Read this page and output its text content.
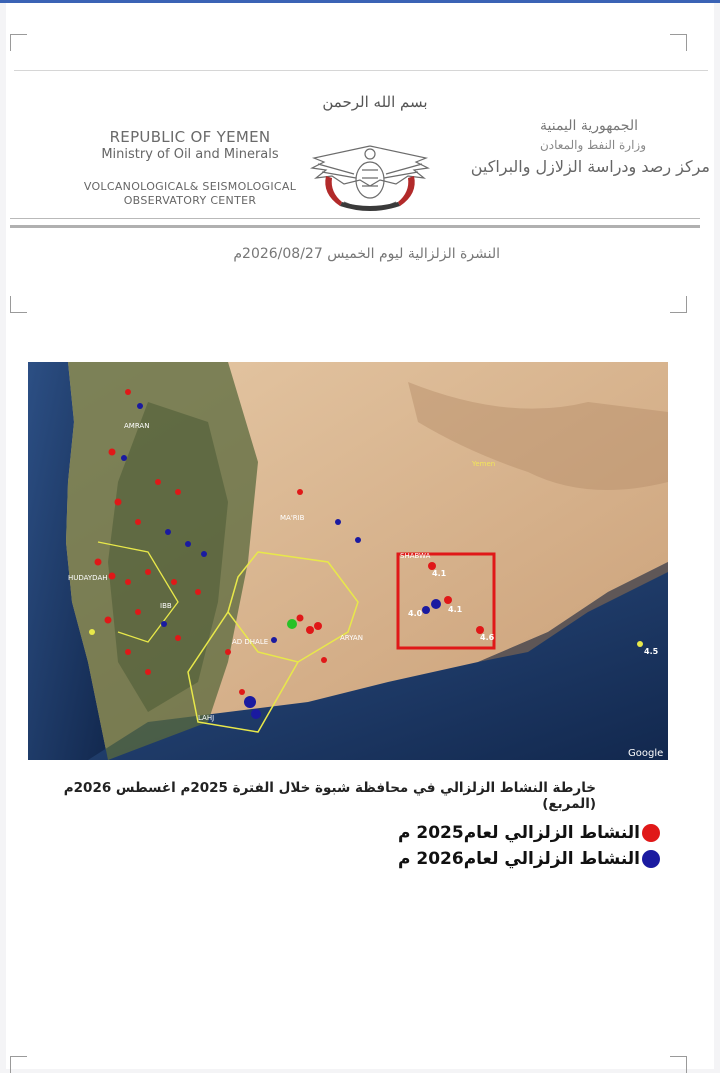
بسم الله الرحمن
REPUBLIC OF YEMEN
Ministry of Oil and Minerals
VOLCANOLOGICAL& SEISMOLOGICAL
OBSERVATORY CENTER
الجمهورية اليمنية
وزارة النفط والمعادن
مركز رصد ودراسة الزلازل والبراكين
النشرة الزلزالية ليوم الخميس 2026/08/27م
AMRAN
MA'RIB
HUDAYDAH
IBB
AD DHALE
LAHJ
SHABWA
ARYAN
Yemen
4.1
4.1
4.0
4.6
4.5
Google
خارطة النشاط الزلزالي في محافظة شبوة خلال الفترة 2025م اغسطس 2026م (المربع)
النشاط الزلزالي لعام2025 م
النشاط الزلزالي لعام2026 م
